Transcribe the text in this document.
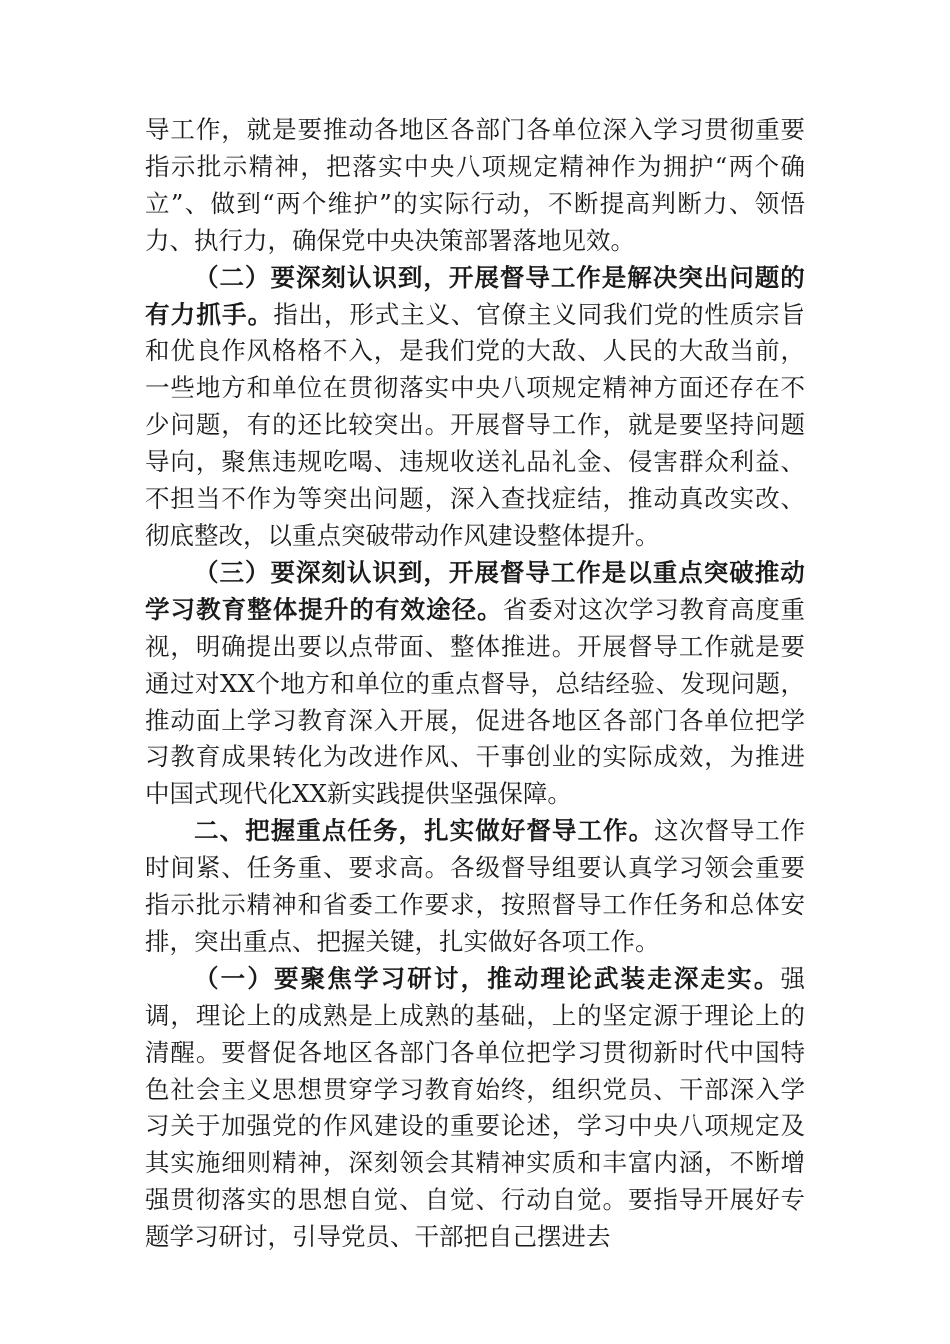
导工作，就是要推动各地区各部门各单位深入学习贯彻重要指示批示精神，把落实中央八项规定精神作为拥护“两个确立”、做到“两个维护”的实际行动，不断提高判断力、领悟力、执行力，确保党中央决策部署落地见效。

（二）要深刻认识到，开展督导工作是解决突出问题的有力抓手。指出，形式主义、官僚主义同我们党的性质宗旨和优良作风格格不入，是我们党的大敌、人民的大敌当前，一些地方和单位在贯彻落实中央八项规定精神方面还存在不少问题，有的还比较突出。开展督导工作，就是要坚持问题导向，聚焦违规吃喝、违规收送礼品礼金、侵害群众利益、不担当不作为等突出问题，深入查找症结，推动真改实改、彻底整改，以重点突破带动作风建设整体提升。

（三）要深刻认识到，开展督导工作是以重点突破推动学习教育整体提升的有效途径。省委对这次学习教育高度重视，明确提出要以点带面、整体推进。开展督导工作就是要通过对XX个地方和单位的重点督导，总结经验、发现问题，推动面上学习教育深入开展，促进各地区各部门各单位把学习教育成果转化为改进作风、干事创业的实际成效，为推进中国式现代化XX新实践提供坚强保障。

二、把握重点任务，扎实做好督导工作。这次督导工作时间紧、任务重、要求高。各级督导组要认真学习领会重要指示批示精神和省委工作要求，按照督导工作任务和总体安排，突出重点、把握关键，扎实做好各项工作。

（一）要聚焦学习研讨，推动理论武装走深走实。强调，理论上的成熟是上成熟的基础，上的坚定源于理论上的清醒。要督促各地区各部门各单位把学习贯彻新时代中国特色社会主义思想贯穿学习教育始终，组织党员、干部深入学习关于加强党的作风建设的重要论述，学习中央八项规定及其实施细则精神，深刻领会其精神实质和丰富内涵，不断增强贯彻落实的思想自觉、自觉、行动自觉。要指导开展好专题学习研讨，引导党员、干部把自己摆进去
